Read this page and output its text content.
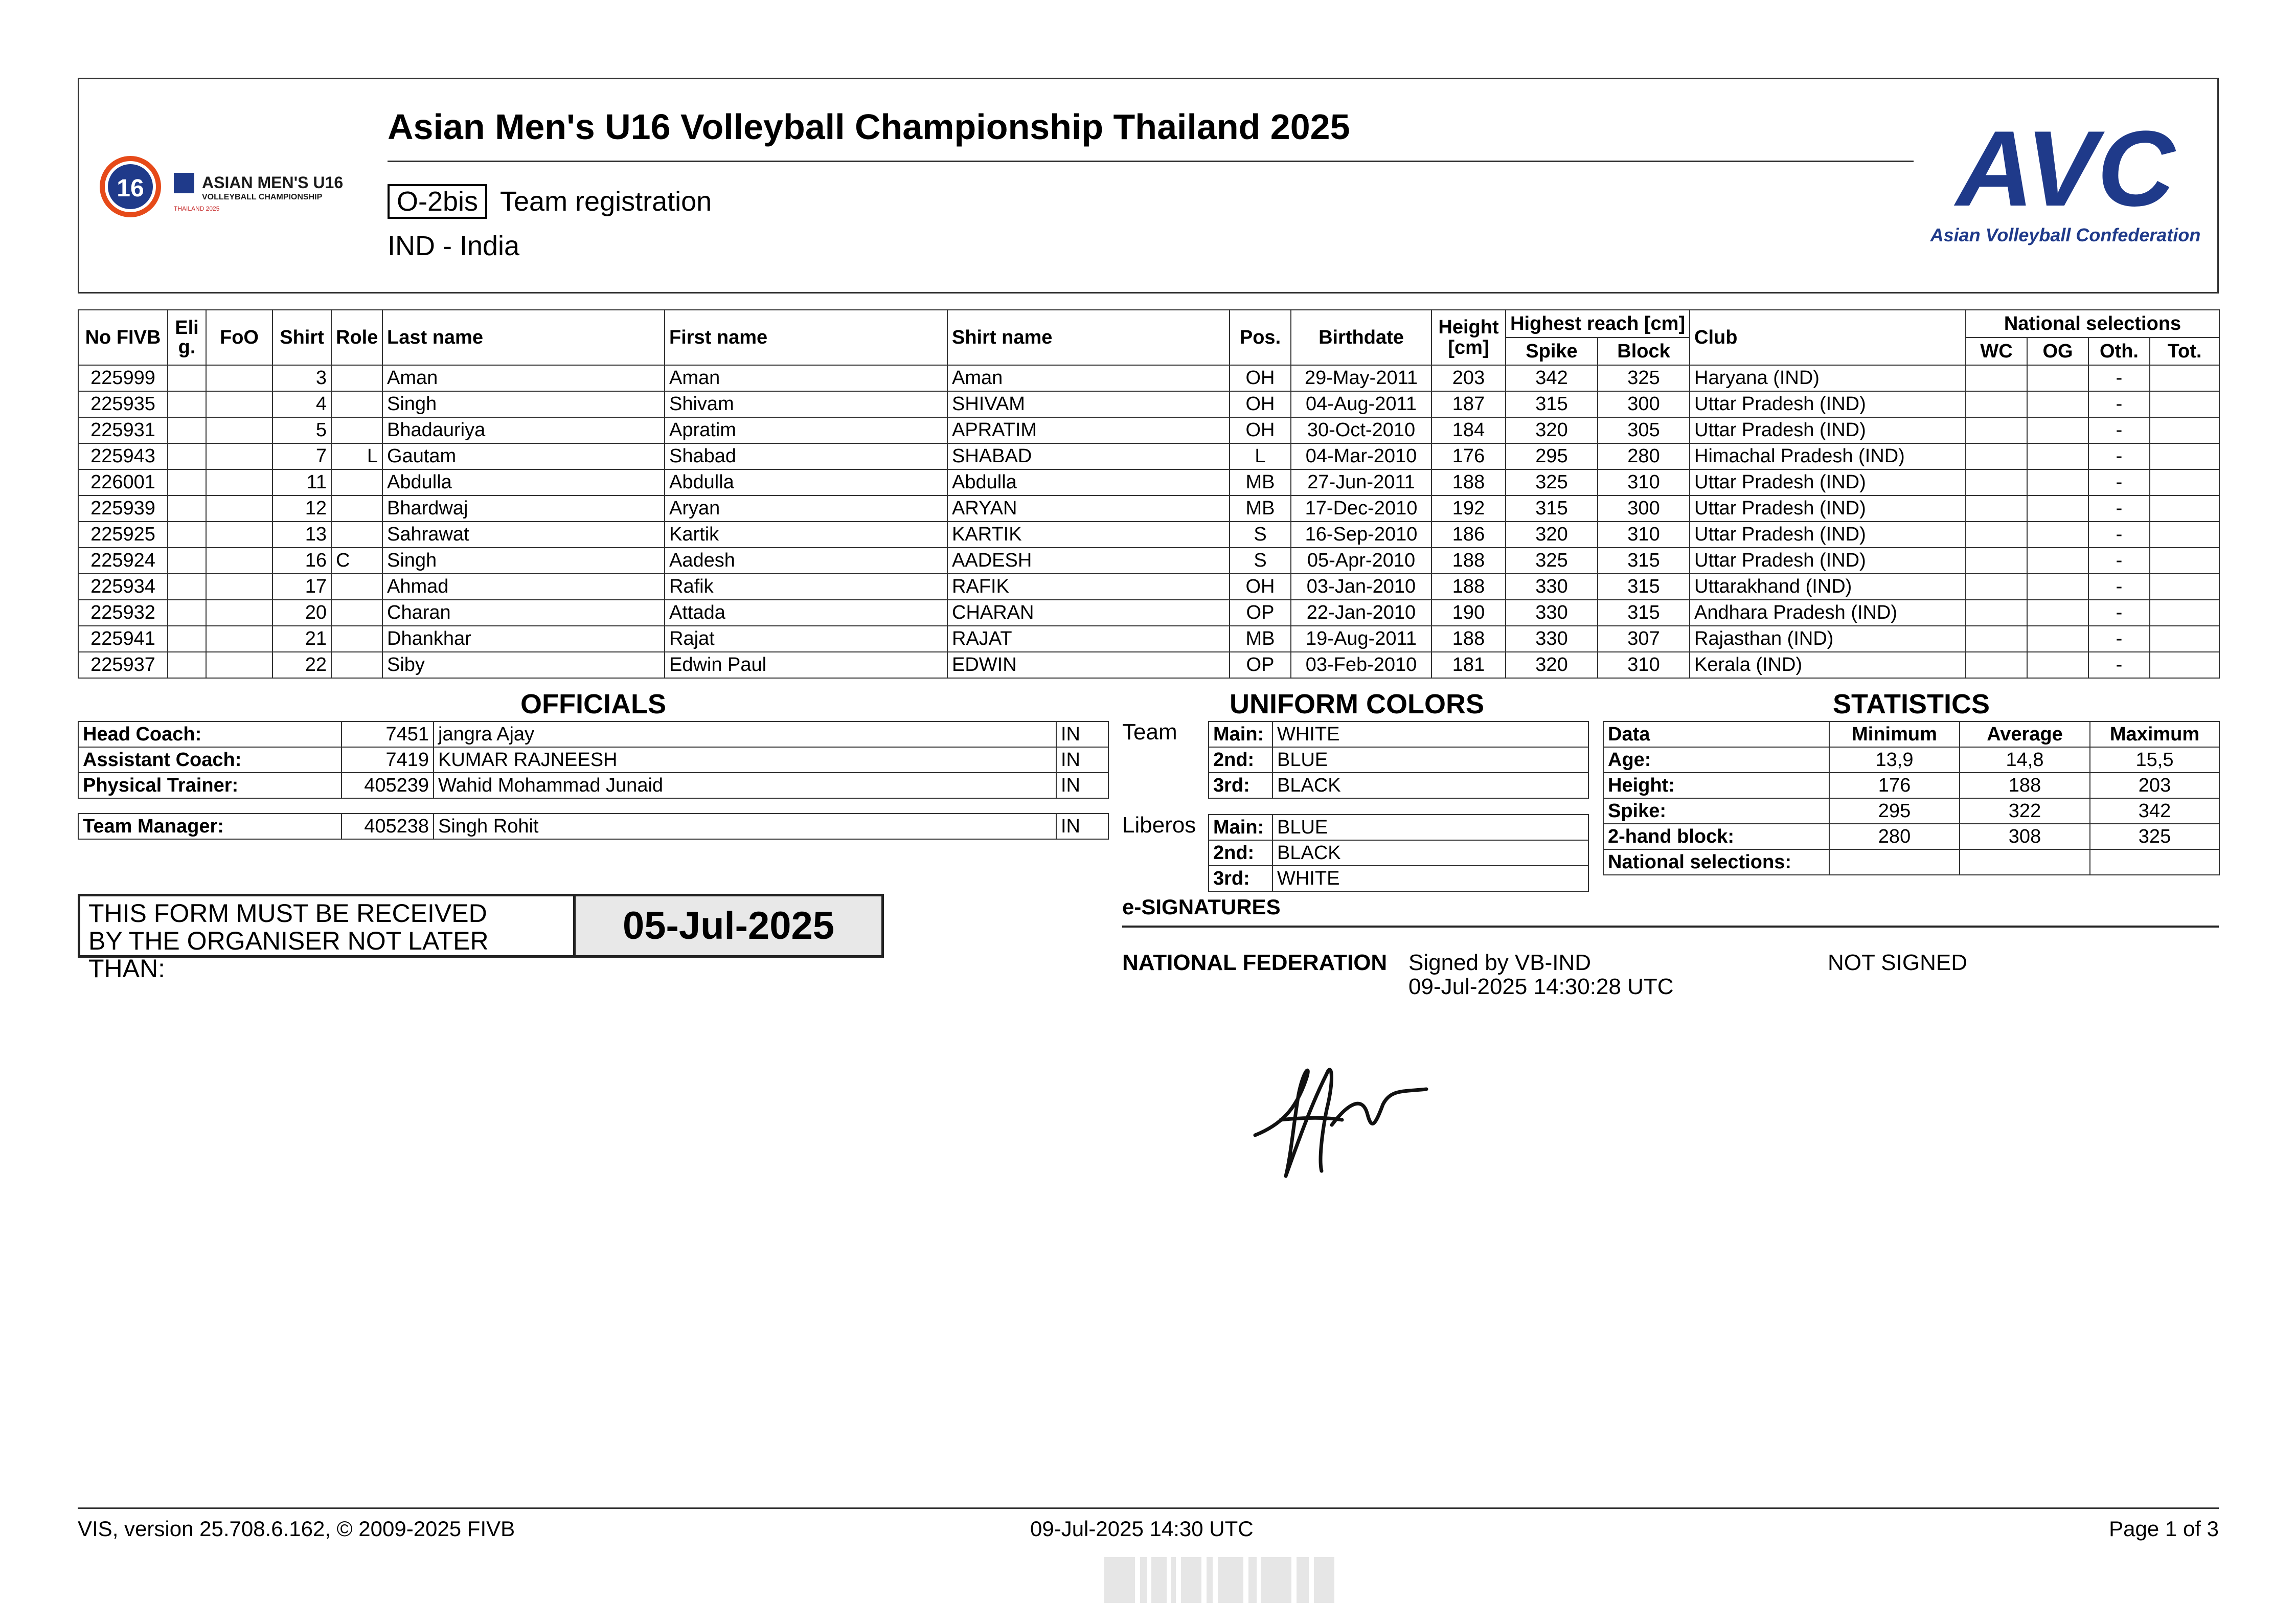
16	ASIAN MEN'S U16
VOLLEYBALL CHAMPIONSHIP
THAILAND 2025
Asian Men's U16 Volleyball Championship Thailand 2025
O-2bis Team registration
IND - India
AVC
Asian Volleyball Confederation
No FIVB	Eli g.	FoO	Shirt	Role	Last name	First name	Shirt name	Pos.	Birthdate	Height [cm]	Highest reach [cm]		Club	National selections			
											Spike	Block		WC	OG	Oth.	Tot.
225999			3		Aman	Aman	Aman	OH	29-May-2011	203	342	325	Haryana (IND)			-	
225935			4		Singh	Shivam	SHIVAM	OH	04-Aug-2011	187	315	300	Uttar Pradesh (IND)			-	
225931			5		Bhadauriya	Apratim	APRATIM	OH	30-Oct-2010	184	320	305	Uttar Pradesh (IND)			-	
225943			7	L	Gautam	Shabad	SHABAD	L	04-Mar-2010	176	295	280	Himachal Pradesh (IND)			-	
226001			11		Abdulla	Abdulla	Abdulla	MB	27-Jun-2011	188	325	310	Uttar Pradesh (IND)			-	
225939			12		Bhardwaj	Aryan	ARYAN	MB	17-Dec-2010	192	315	300	Uttar Pradesh (IND)			-	
225925			13		Sahrawat	Kartik	KARTIK	S	16-Sep-2010	186	320	310	Uttar Pradesh (IND)			-	
225924			16	C	Singh	Aadesh	AADESH	S	05-Apr-2010	188	325	315	Uttar Pradesh (IND)			-	
225934			17		Ahmad	Rafik	RAFIK	OH	03-Jan-2010	188	330	315	Uttarakhand (IND)			-	
225932			20		Charan	Attada	CHARAN	OP	22-Jan-2010	190	330	315	Andhara Pradesh (IND)			-	
225941			21		Dhankhar	Rajat	RAJAT	MB	19-Aug-2011	188	330	307	Rajasthan (IND)			-	
225937			22		Siby	Edwin Paul	EDWIN	OP	03-Feb-2010	181	320	310	Kerala (IND)			-	
OFFICIALS
Head Coach:	7451	jangra Ajay	IN
Assistant Coach:	7419	KUMAR RAJNEESH	IN
Physical Trainer:	405239	Wahid Mohammad Junaid	IN
Team Manager:	405238	Singh Rohit	IN
UNIFORM COLORS
Team
Liberos
Main:	WHITE
2nd:	BLUE
3rd:	BLACK
Main:	BLUE
2nd:	BLACK
3rd:	WHITE
STATISTICS
Data	Minimum	Average	Maximum
Age:	13,9	14,8	15,5
Height:	176	188	203
Spike:	295	322	342
2-hand block:	280	308	325
National selections:			
THIS FORM MUST BE RECEIVED
BY THE ORGANISER NOT LATER THAN:
05-Jul-2025	e-SIGNATURES
NATIONAL FEDERATION Signed by VB-IND
09-Jul-2025 14:30:28 UTC
NOT SIGNED
VIS, version 25.708.6.162, © 2009-2025 FIVB	09-Jul-2025 14:30 UTC	Page 1 of 3
